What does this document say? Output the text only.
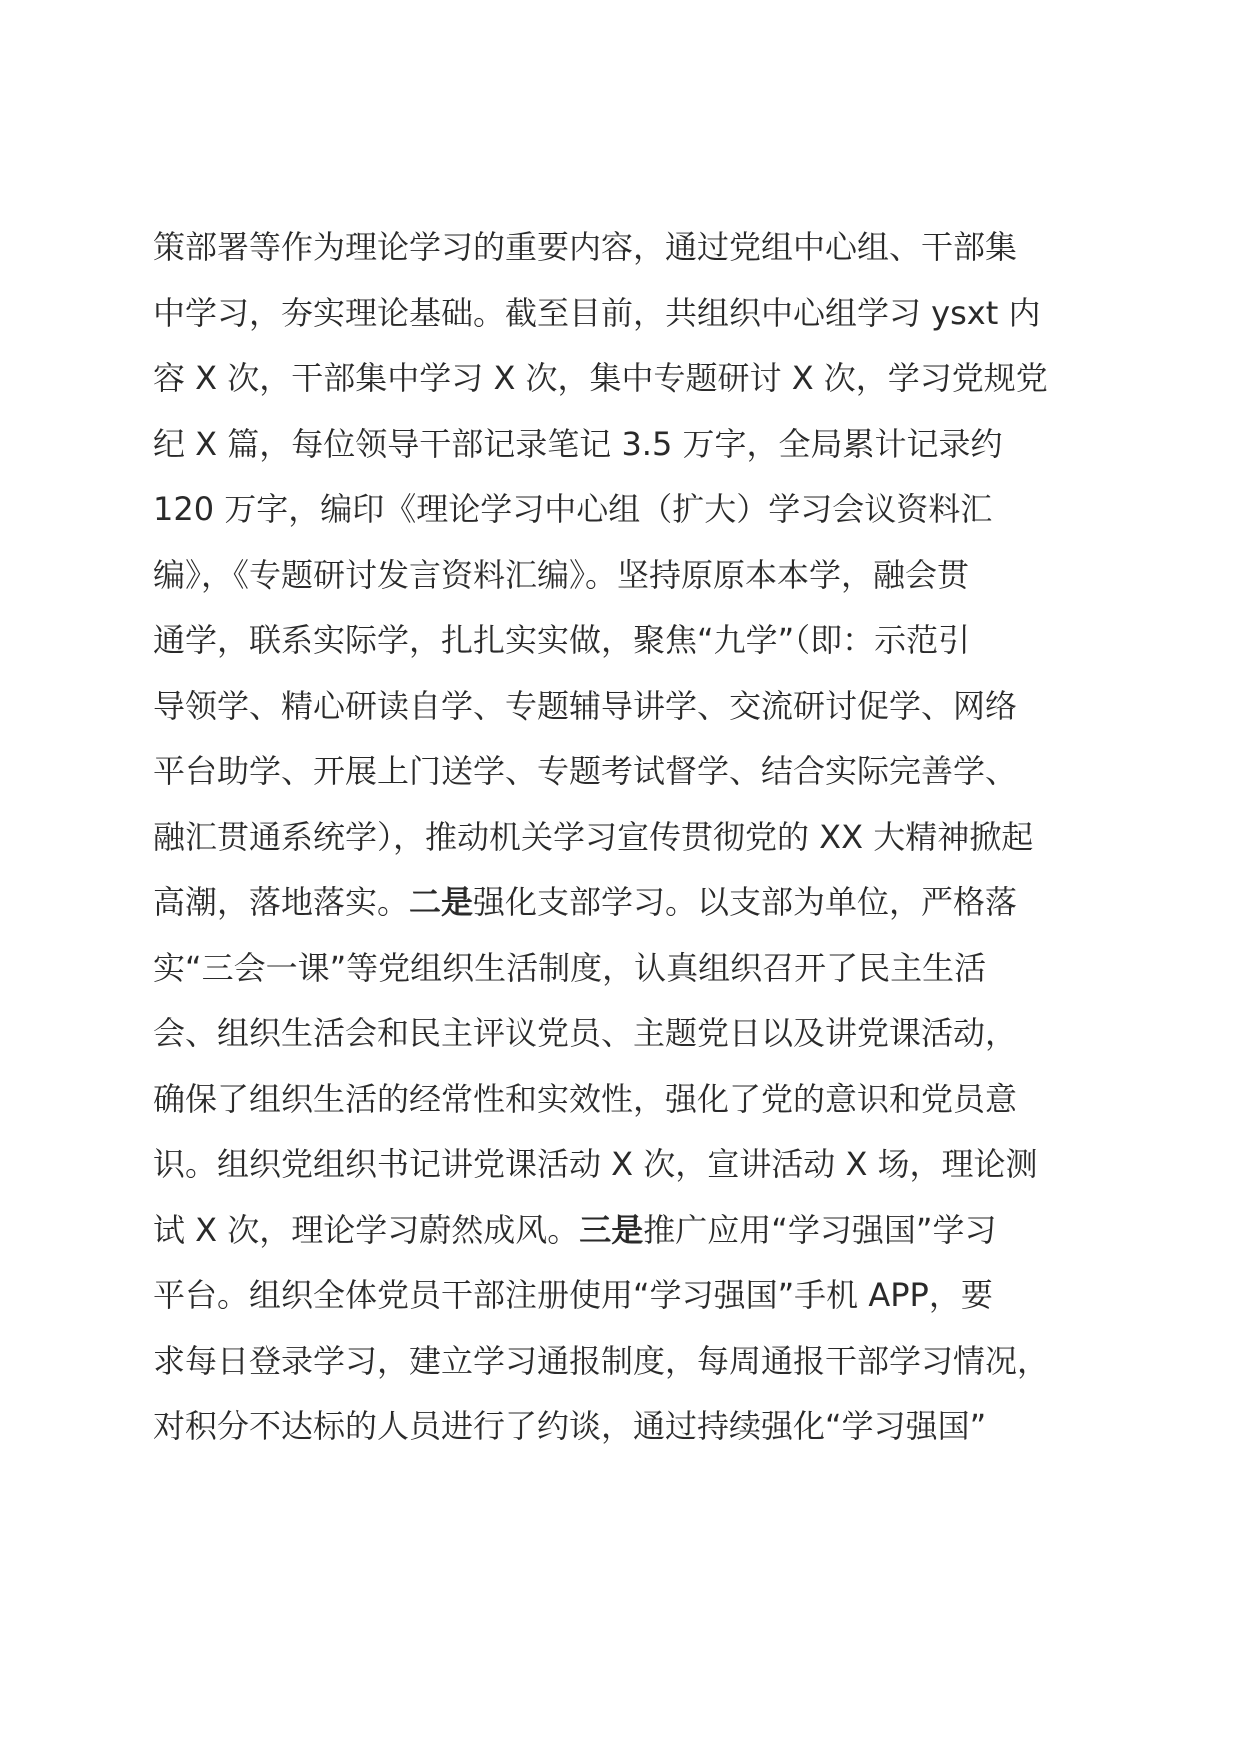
策部署等作为理论学习的重要内容，通过党组中心组、干部集
中学习，夯实理论基础。截至目前，共组织中心组学习 ysxt 内
容 X 次，干部集中学习 X 次，集中专题研讨 X 次，学习党规党
纪 X 篇，每位领导干部记录笔记 3.5 万字，全局累计记录约
120 万字，编印《理论学习中心组（扩大）学习会议资料汇
编》，《专题研讨发言资料汇编》。坚持原原本本学，融会贯
通学，联系实际学，扎扎实实做，聚焦“九学”（即：示范引
导领学、精心研读自学、专题辅导讲学、交流研讨促学、网络
平台助学、开展上门送学、专题考试督学、结合实际完善学、
融汇贯通系统学），推动机关学习宣传贯彻党的 XX 大精神掀起
高潮，落地落实。二是强化支部学习。以支部为单位，严格落
实“三会一课”等党组织生活制度，认真组织召开了民主生活
会、组织生活会和民主评议党员、主题党日以及讲党课活动，
确保了组织生活的经常性和实效性，强化了党的意识和党员意
识。组织党组织书记讲党课活动 X 次，宣讲活动 X 场，理论测
试 X 次，理论学习蔚然成风。三是推广应用“学习强国”学习
平台。组织全体党员干部注册使用“学习强国”手机 APP，要
求每日登录学习，建立学习通报制度，每周通报干部学习情况，
对积分不达标的人员进行了约谈，通过持续强化“学习强国”
